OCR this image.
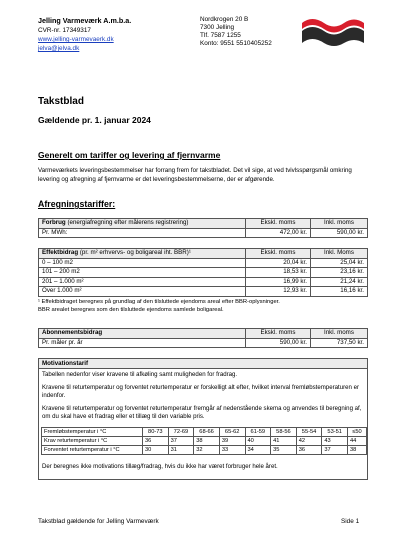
Jelling Varmeværk A.m.b.a.
CVR-nr. 17349317
www.jelling-varmevaerk.dk
jelva@jelva.dk
Nordkrogen 20 B
7300 Jelling
Tlf. 7587 1255
Konto: 9551 5510405252
Takstblad
Gældende pr. 1. januar 2024
Generelt om tariffer og levering af fjernvarme
Varmeværkets leveringsbestemmelser har forrang frem for takstbladet. Det vil sige, at ved tvivlsspørgsmål omkring levering og afregning af fjernvarme er det leveringsbestemmelserne, der er afgørende.
Afregningstariffer:
Forbrug (energiafregning efter målerens registrering)	Ekskl. moms	Inkl. moms
Pr. MWh:	472,00 kr.	590,00 kr.
Effektbidrag (pr. m² erhvervs- og boligareal iht. BBR)¹	Ekskl. moms	Inkl. Moms
0 – 100 m2	20,04 kr.	25,04 kr.
101 – 200 m2	18,53 kr.	23,16 kr.
201 – 1.000 m²	16,99 kr.	21,24 kr.
Over 1.000 m²	12,93 kr.	16,16 kr.
¹ Effektbidraget beregnes på grundlag af den tilsluttede ejendoms areal efter BBR-oplysninger.
BBR arealet beregnes som den tilsluttede ejendoms samlede boligareal.
Abonnementsbidrag	Ekskl. moms	Inkl. moms
Pr. måler pr. år	590,00 kr.	737,50 kr.
Motivationstarif
Tabellen nedenfor viser kravene til afkøling samt muligheden for fradrag.
Kravene til returtemperatur og forventet returtemperatur er forskelligt alt efter, hvilket interval fremløbstemperaturen er indenfor.
Kravene til returtemperatur og forventet returtemperatur fremgår af nedenstående skema og anvendes til beregning af, om du skal have et fradrag eller et tillæg til den variable pris.
Fremløbstemperatur i °C	80-73	72-69	68-66	65-62	61-59	58-56	55-54	53-51	≤50
Krav returtemperatur i °C	36	37	38	39	40	41	42	43	44
Forventet returtemperatur i °C	30	31	32	33	34	35	36	37	38
Der beregnes ikke motivations tillæg/fradrag, hvis du ikke har været forbruger hele året.
Takstblad gældende for Jelling Varmeværk	Side 1
